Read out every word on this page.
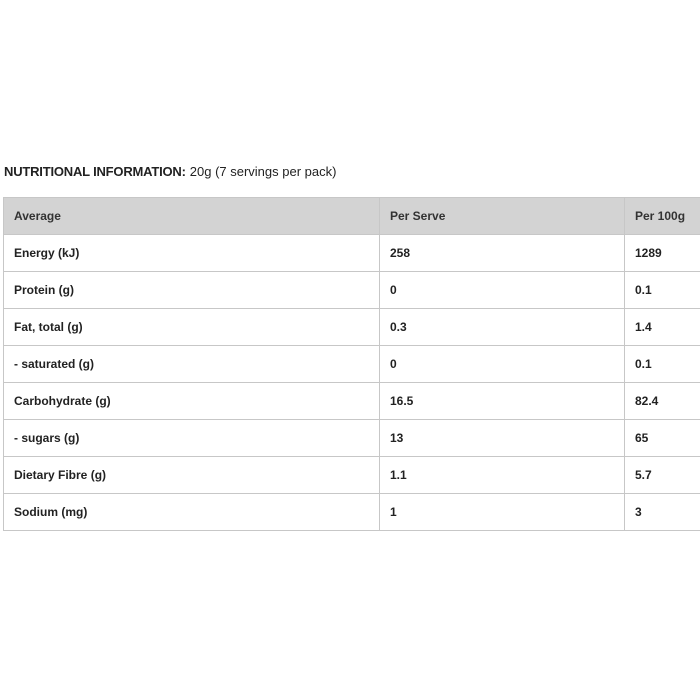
NUTRITIONAL INFORMATION: 20g (7 servings per pack)
Average	Per Serve	Per 100g
Energy (kJ)	258	1289
Protein (g)	0	0.1
Fat, total (g)	0.3	1.4
- saturated (g)	0	0.1
Carbohydrate (g)	16.5	82.4
- sugars (g)	13	65
Dietary Fibre (g)	1.1	5.7
Sodium (mg)	1	3
